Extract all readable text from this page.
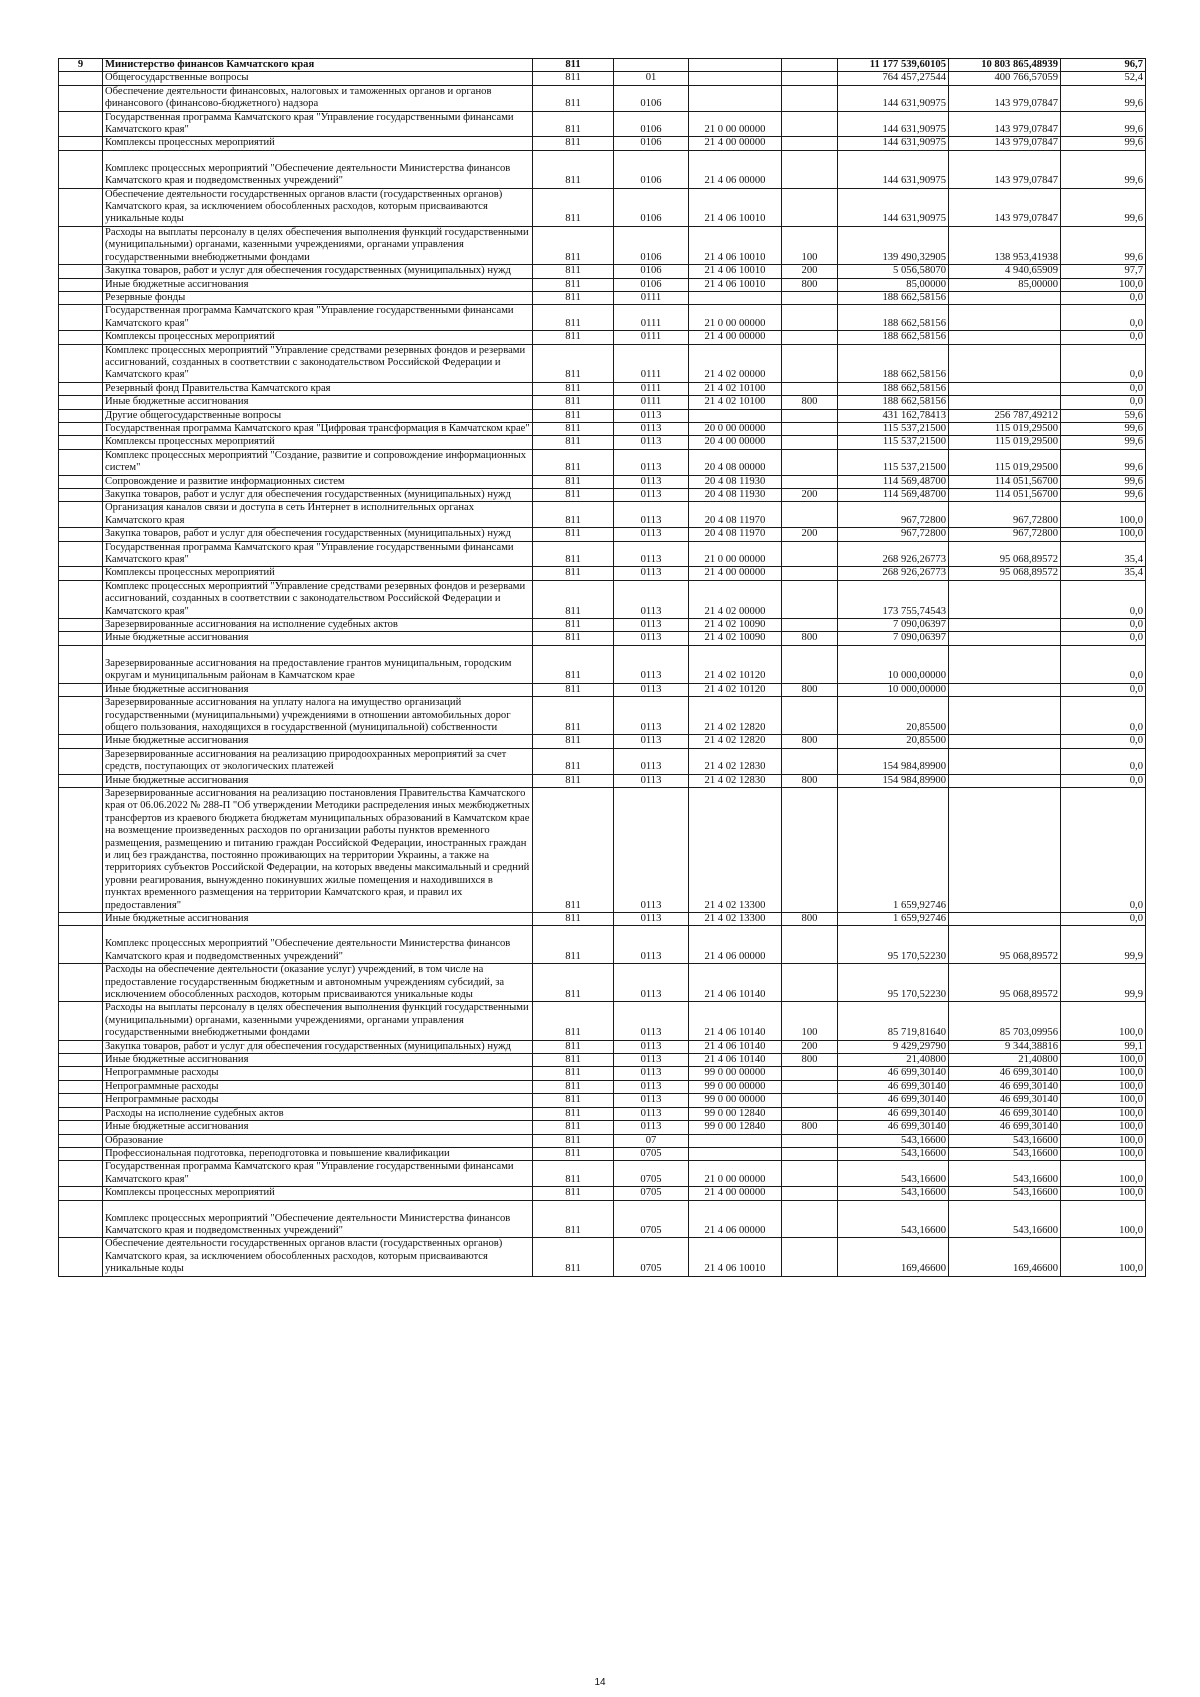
9	Министерство финансов Камчатского края	811				11 177 539,60105	10 803 865,48939	96,7
	Общегосударственные вопросы	811	01			764 457,27544	400 766,57059	52,4
	Обеспечение деятельности финансовых, налоговых и таможенных органов и органов финансового (финансово-бюджетного) надзора	811	0106			144 631,90975	143 979,07847	99,6
	Государственная программа Камчатского края "Управление государственными финансами Камчатского края"	811	0106	21 0 00 00000		144 631,90975	143 979,07847	99,6
	Комплексы процессных мероприятий	811	0106	21 4 00 00000		144 631,90975	143 979,07847	99,6
	Комплекс процессных мероприятий "Обеспечение деятельности Министерства финансов Камчатского края и подведомственных учреждений"	811	0106	21 4 06 00000		144 631,90975	143 979,07847	99,6
	Обеспечение деятельности государственных органов власти (государственных органов) Камчатского края, за исключением обособленных расходов, которым присваиваются уникальные коды	811	0106	21 4 06 10010		144 631,90975	143 979,07847	99,6
	Расходы на выплаты персоналу в целях обеспечения выполнения функций государственными (муниципальными) органами, казенными учреждениями, органами управления государственными внебюджетными фондами	811	0106	21 4 06 10010	100	139 490,32905	138 953,41938	99,6
	Закупка товаров, работ и услуг для обеспечения государственных (муниципальных) нужд	811	0106	21 4 06 10010	200	5 056,58070	4 940,65909	97,7
	Иные бюджетные ассигнования	811	0106	21 4 06 10010	800	85,00000	85,00000	100,0
	Резервные фонды	811	0111			188 662,58156		0,0
	Государственная программа Камчатского края "Управление государственными финансами Камчатского края"	811	0111	21 0 00 00000		188 662,58156		0,0
	Комплексы процессных мероприятий	811	0111	21 4 00 00000		188 662,58156		0,0
	Комплекс процессных мероприятий "Управление средствами резервных фондов и резервами ассигнований, созданных в соответствии с законодательством Российской Федерации и Камчатского края"	811	0111	21 4 02 00000		188 662,58156		0,0
	Резервный фонд Правительства Камчатского края	811	0111	21 4 02 10100		188 662,58156		0,0
	Иные бюджетные ассигнования	811	0111	21 4 02 10100	800	188 662,58156		0,0
	Другие общегосударственные вопросы	811	0113			431 162,78413	256 787,49212	59,6
	Государственная программа Камчатского края "Цифровая трансформация в Камчатском крае"	811	0113	20 0 00 00000		115 537,21500	115 019,29500	99,6
	Комплексы процессных мероприятий	811	0113	20 4 00 00000		115 537,21500	115 019,29500	99,6
	Комплекс процессных мероприятий "Создание, развитие и сопровождение информационных систем"	811	0113	20 4 08 00000		115 537,21500	115 019,29500	99,6
	Сопровождение и развитие информационных систем	811	0113	20 4 08 11930		114 569,48700	114 051,56700	99,6
	Закупка товаров, работ и услуг для обеспечения государственных (муниципальных) нужд	811	0113	20 4 08 11930	200	114 569,48700	114 051,56700	99,6
	Организация каналов связи и доступа в сеть Интернет в исполнительных органах Камчатского края	811	0113	20 4 08 11970		967,72800	967,72800	100,0
	Закупка товаров, работ и услуг для обеспечения государственных (муниципальных) нужд	811	0113	20 4 08 11970	200	967,72800	967,72800	100,0
	Государственная программа Камчатского края "Управление государственными финансами Камчатского края"	811	0113	21 0 00 00000		268 926,26773	95 068,89572	35,4
	Комплексы процессных мероприятий	811	0113	21 4 00 00000		268 926,26773	95 068,89572	35,4
	Комплекс процессных мероприятий "Управление средствами резервных фондов и резервами ассигнований, созданных в соответствии с законодательством Российской Федерации и Камчатского края"	811	0113	21 4 02 00000		173 755,74543		0,0
	Зарезервированные ассигнования на исполнение судебных актов	811	0113	21 4 02 10090		7 090,06397		0,0
	Иные бюджетные ассигнования	811	0113	21 4 02 10090	800	7 090,06397		0,0
	Зарезервированные ассигнования на предоставление грантов муниципальным, городским округам и муниципальным районам в Камчатском крае	811	0113	21 4 02 10120		10 000,00000		0,0
	Иные бюджетные ассигнования	811	0113	21 4 02 10120	800	10 000,00000		0,0
	Зарезервированные ассигнования на уплату налога на имущество организаций государственными (муниципальными) учреждениями в отношении автомобильных дорог общего пользования, находящихся в государственной (муниципальной) собственности	811	0113	21 4 02 12820		20,85500		0,0
	Иные бюджетные ассигнования	811	0113	21 4 02 12820	800	20,85500		0,0
	Зарезервированные ассигнования на реализацию природоохранных мероприятий за счет средств, поступающих от экологических платежей	811	0113	21 4 02 12830		154 984,89900		0,0
	Иные бюджетные ассигнования	811	0113	21 4 02 12830	800	154 984,89900		0,0
	Зарезервированные ассигнования на реализацию постановления Правительства Камчатского края от 06.06.2022 № 288-П "Об утверждении Методики распределения иных межбюджетных трансфертов из краевого бюджета бюджетам муниципальных образований в Камчатском крае на возмещение произведенных расходов по организации работы пунктов временного размещения, размещению и питанию граждан Российской Федерации, иностранных граждан и лиц без гражданства, постоянно проживающих на территории Украины, а также на территориях субъектов Российской Федерации, на которых введены максимальный и средний уровни реагирования, вынужденно покинувших жилые помещения и находившихся в пунктах временного размещения на территории Камчатского края, и правил их предоставления"	811	0113	21 4 02 13300		1 659,92746		0,0
	Иные бюджетные ассигнования	811	0113	21 4 02 13300	800	1 659,92746		0,0
	Комплекс процессных мероприятий "Обеспечение деятельности Министерства финансов Камчатского края и подведомственных учреждений"	811	0113	21 4 06 00000		95 170,52230	95 068,89572	99,9
	Расходы на обеспечение деятельности (оказание услуг) учреждений, в том числе на предоставление государственным бюджетным и автономным учреждениям субсидий, за исключением обособленных расходов, которым присваиваются уникальные коды	811	0113	21 4 06 10140		95 170,52230	95 068,89572	99,9
	Расходы на выплаты персоналу в целях обеспечения выполнения функций государственными (муниципальными) органами, казенными учреждениями, органами управления государственными внебюджетными фондами	811	0113	21 4 06 10140	100	85 719,81640	85 703,09956	100,0
	Закупка товаров, работ и услуг для обеспечения государственных (муниципальных) нужд	811	0113	21 4 06 10140	200	9 429,29790	9 344,38816	99,1
	Иные бюджетные ассигнования	811	0113	21 4 06 10140	800	21,40800	21,40800	100,0
	Непрограммные расходы	811	0113	99 0 00 00000		46 699,30140	46 699,30140	100,0
	Непрограммные расходы	811	0113	99 0 00 00000		46 699,30140	46 699,30140	100,0
	Непрограммные расходы	811	0113	99 0 00 00000		46 699,30140	46 699,30140	100,0
	Расходы на исполнение судебных актов	811	0113	99 0 00 12840		46 699,30140	46 699,30140	100,0
	Иные бюджетные ассигнования	811	0113	99 0 00 12840	800	46 699,30140	46 699,30140	100,0
	Образование	811	07			543,16600	543,16600	100,0
	Профессиональная подготовка, переподготовка и повышение квалификации	811	0705			543,16600	543,16600	100,0
	Государственная программа Камчатского края "Управление государственными финансами Камчатского края"	811	0705	21 0 00 00000		543,16600	543,16600	100,0
	Комплексы процессных мероприятий	811	0705	21 4 00 00000		543,16600	543,16600	100,0
	Комплекс процессных мероприятий "Обеспечение деятельности Министерства финансов Камчатского края и подведомственных учреждений"	811	0705	21 4 06 00000		543,16600	543,16600	100,0
	Обеспечение деятельности государственных органов власти (государственных органов) Камчатского края, за исключением обособленных расходов, которым присваиваются уникальные коды	811	0705	21 4 06 10010		169,46600	169,46600	100,0
14
